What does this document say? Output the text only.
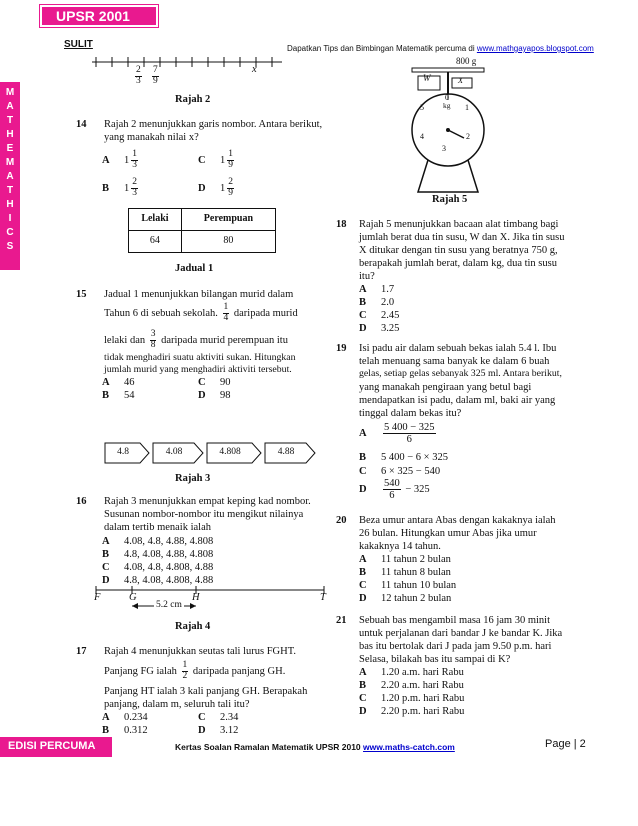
UPSR 2001
M
A
T
H
E
M
A
T
H
I
C
S
SULIT	Dapatkan Tips dan Bimbingan Matematik percuma di www.mathgayapos.blogspot.com
x
$\frac{2}{3} \frac{7}{9}$
Rajah 2
14 Rajah 2 menunjukkan garis nombor. Antara berikut, yang manakah nilai x?
A $1 \frac{1}{3}$
B $1 \frac{2}{3}$
C $1 \frac{1}{9}$
D $1 \frac{2}{9}$
Lelaki	Perempuan
64	80
Jadual 1
15 Jadual 1 menunjukkan bilangan murid dalam
Tahun 6 di sebuah sekolah. $\frac{1}{4}$ daripada murid
lelaki dan $\frac{3}{8}$ daripada murid perempuan itu
tidak menghadiri suatu aktiviti sukan. Hitungkan
jumlah murid yang menghadiri aktiviti tersebut.
A 46
B 54
C 90
D 98
4.8	4.08	4.808	4.88
Rajah 3
16 Rajah 3 menunjukkan empat keping kad nombor.
Susunan nombor-nombor itu mengikut nilainya
dalam tertib menaik ialah
A 4.08, 4.8, 4.88, 4.808
B 4.8, 4.08, 4.88, 4.808
C 4.08, 4.8, 4.808, 4.88
D 4.8, 4.08, 4.808, 4.88
F	G	H	T
5.2 cm
Rajah 4
17 Rajah 4 menunjukkan seutas tali lurus FGHT.
Panjang FG ialah $\frac{1}{2}$ daripada panjang GH.
Panjang HT ialah 3 kali panjang GH. Berapakah
panjang, dalam m, seluruh tali itu?
A 0.234
B 0.312
C 2.34
D 3.12
800 g
W	X
0
kg 1
2
3
4
5
Rajah 5
18 Rajah 5 menunjukkan bacaan alat timbang bagi
jumlah berat dua tin susu, W dan X. Jika tin susu
X ditukar dengan tin susu yang beratnya 750 g,
berapakah jumlah berat, dalam kg, dua tin susu
itu?
A 1.7
B 2.0
C 2.45
D 3.25
19 Isi padu air dalam sebuah bekas ialah 5.4 l. Ibu
telah menuang sama banyak ke dalam 6 buah
gelas, setiap gelas sebanyak 325 ml. Antara berikut,
yang manakah pengiraan yang betul bagi
mendapatkan isi padu, dalam ml, baki air yang
tinggal dalam bekas itu?
A $\frac{5 400 - 325}{6}$
B 5 400 − 6 × 325
C 6 × 325 − 540
D $\frac{540}{6} - 325$
20 Beza umur antara Abas dengan kakaknya ialah
26 bulan. Hitungkan umur Abas jika umur
kakaknya 14 tahun.
A 11 tahun 2 bulan
B 11 tahun 8 bulan
C 11 tahun 10 bulan
D 12 tahun 2 bulan
21 Sebuah bas mengambil masa 16 jam 30 minit
untuk perjalanan dari bandar J ke bandar K. Jika
bas itu bertolak dari J pada jam 9.50 p.m. hari
Selasa, bilakah bas itu sampai di K?
A 1.20 a.m. hari Rabu
B 2.20 a.m. hari Rabu
C 1.20 p.m. hari Rabu
D 2.20 p.m. hari Rabu
EDISI PERCUMA	Kertas Soalan Ramalan Matematik UPSR 2010 www.maths-catch.com	Page | 2
